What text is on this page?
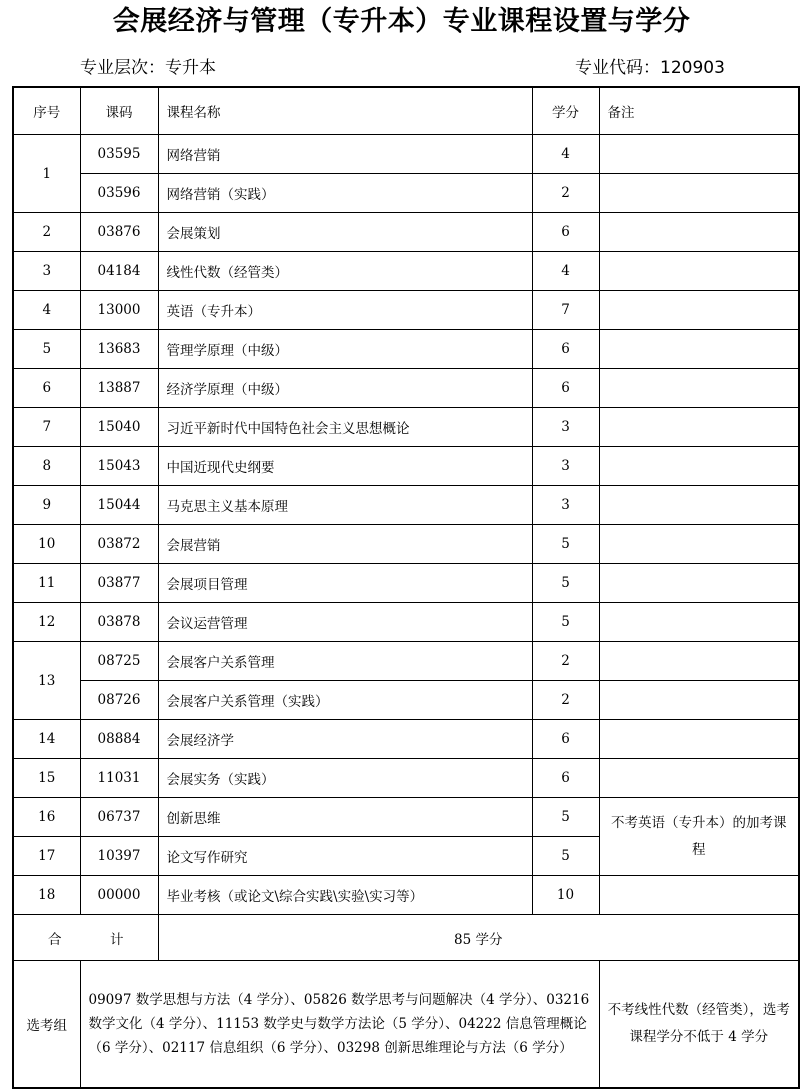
会展经济与管理（专升本）专业课程设置与学分
专业层次：专升本	专业代码：120903
序号	课码	课程名称	学分	备注
1	03595	网络营销	4	
	03596	网络营销（实践）	2	
2	03876	会展策划	6	
3	04184	线性代数（经管类）	4	
4	13000	英语（专升本）	7	
5	13683	管理学原理（中级）	6	
6	13887	经济学原理（中级）	6	
7	15040	习近平新时代中国特色社会主义思想概论	3	
8	15043	中国近现代史纲要	3	
9	15044	马克思主义基本原理	3	
10	03872	会展营销	5	
11	03877	会展项目管理	5	
12	03878	会议运营管理	5	
13	08725	会展客户关系管理	2	
	08726	会展客户关系管理（实践）	2	
14	08884	会展经济学	6	
15	11031	会展实务（实践）	6	
16	06737	创新思维	5	不考英语（专升本）的加考课程
17	10397	论文写作研究	5	
18	00000	毕业考核（或论文\综合实践\实验\实习等）	10	
合 计		85 学分		
选考组	09097 数学思想与方法（4 学分）、05826 数学思考与问题解决（4 学分）、03216 数学文化（4 学分）、11153 数学史与数学方法论（5 学分）、04222 信息管理概论（6 学分）、02117 信息组织（6 学分）、03298 创新思维理论与方法（6 学分）			不考线性代数（经管类），选考课程学分不低于 4 学分
